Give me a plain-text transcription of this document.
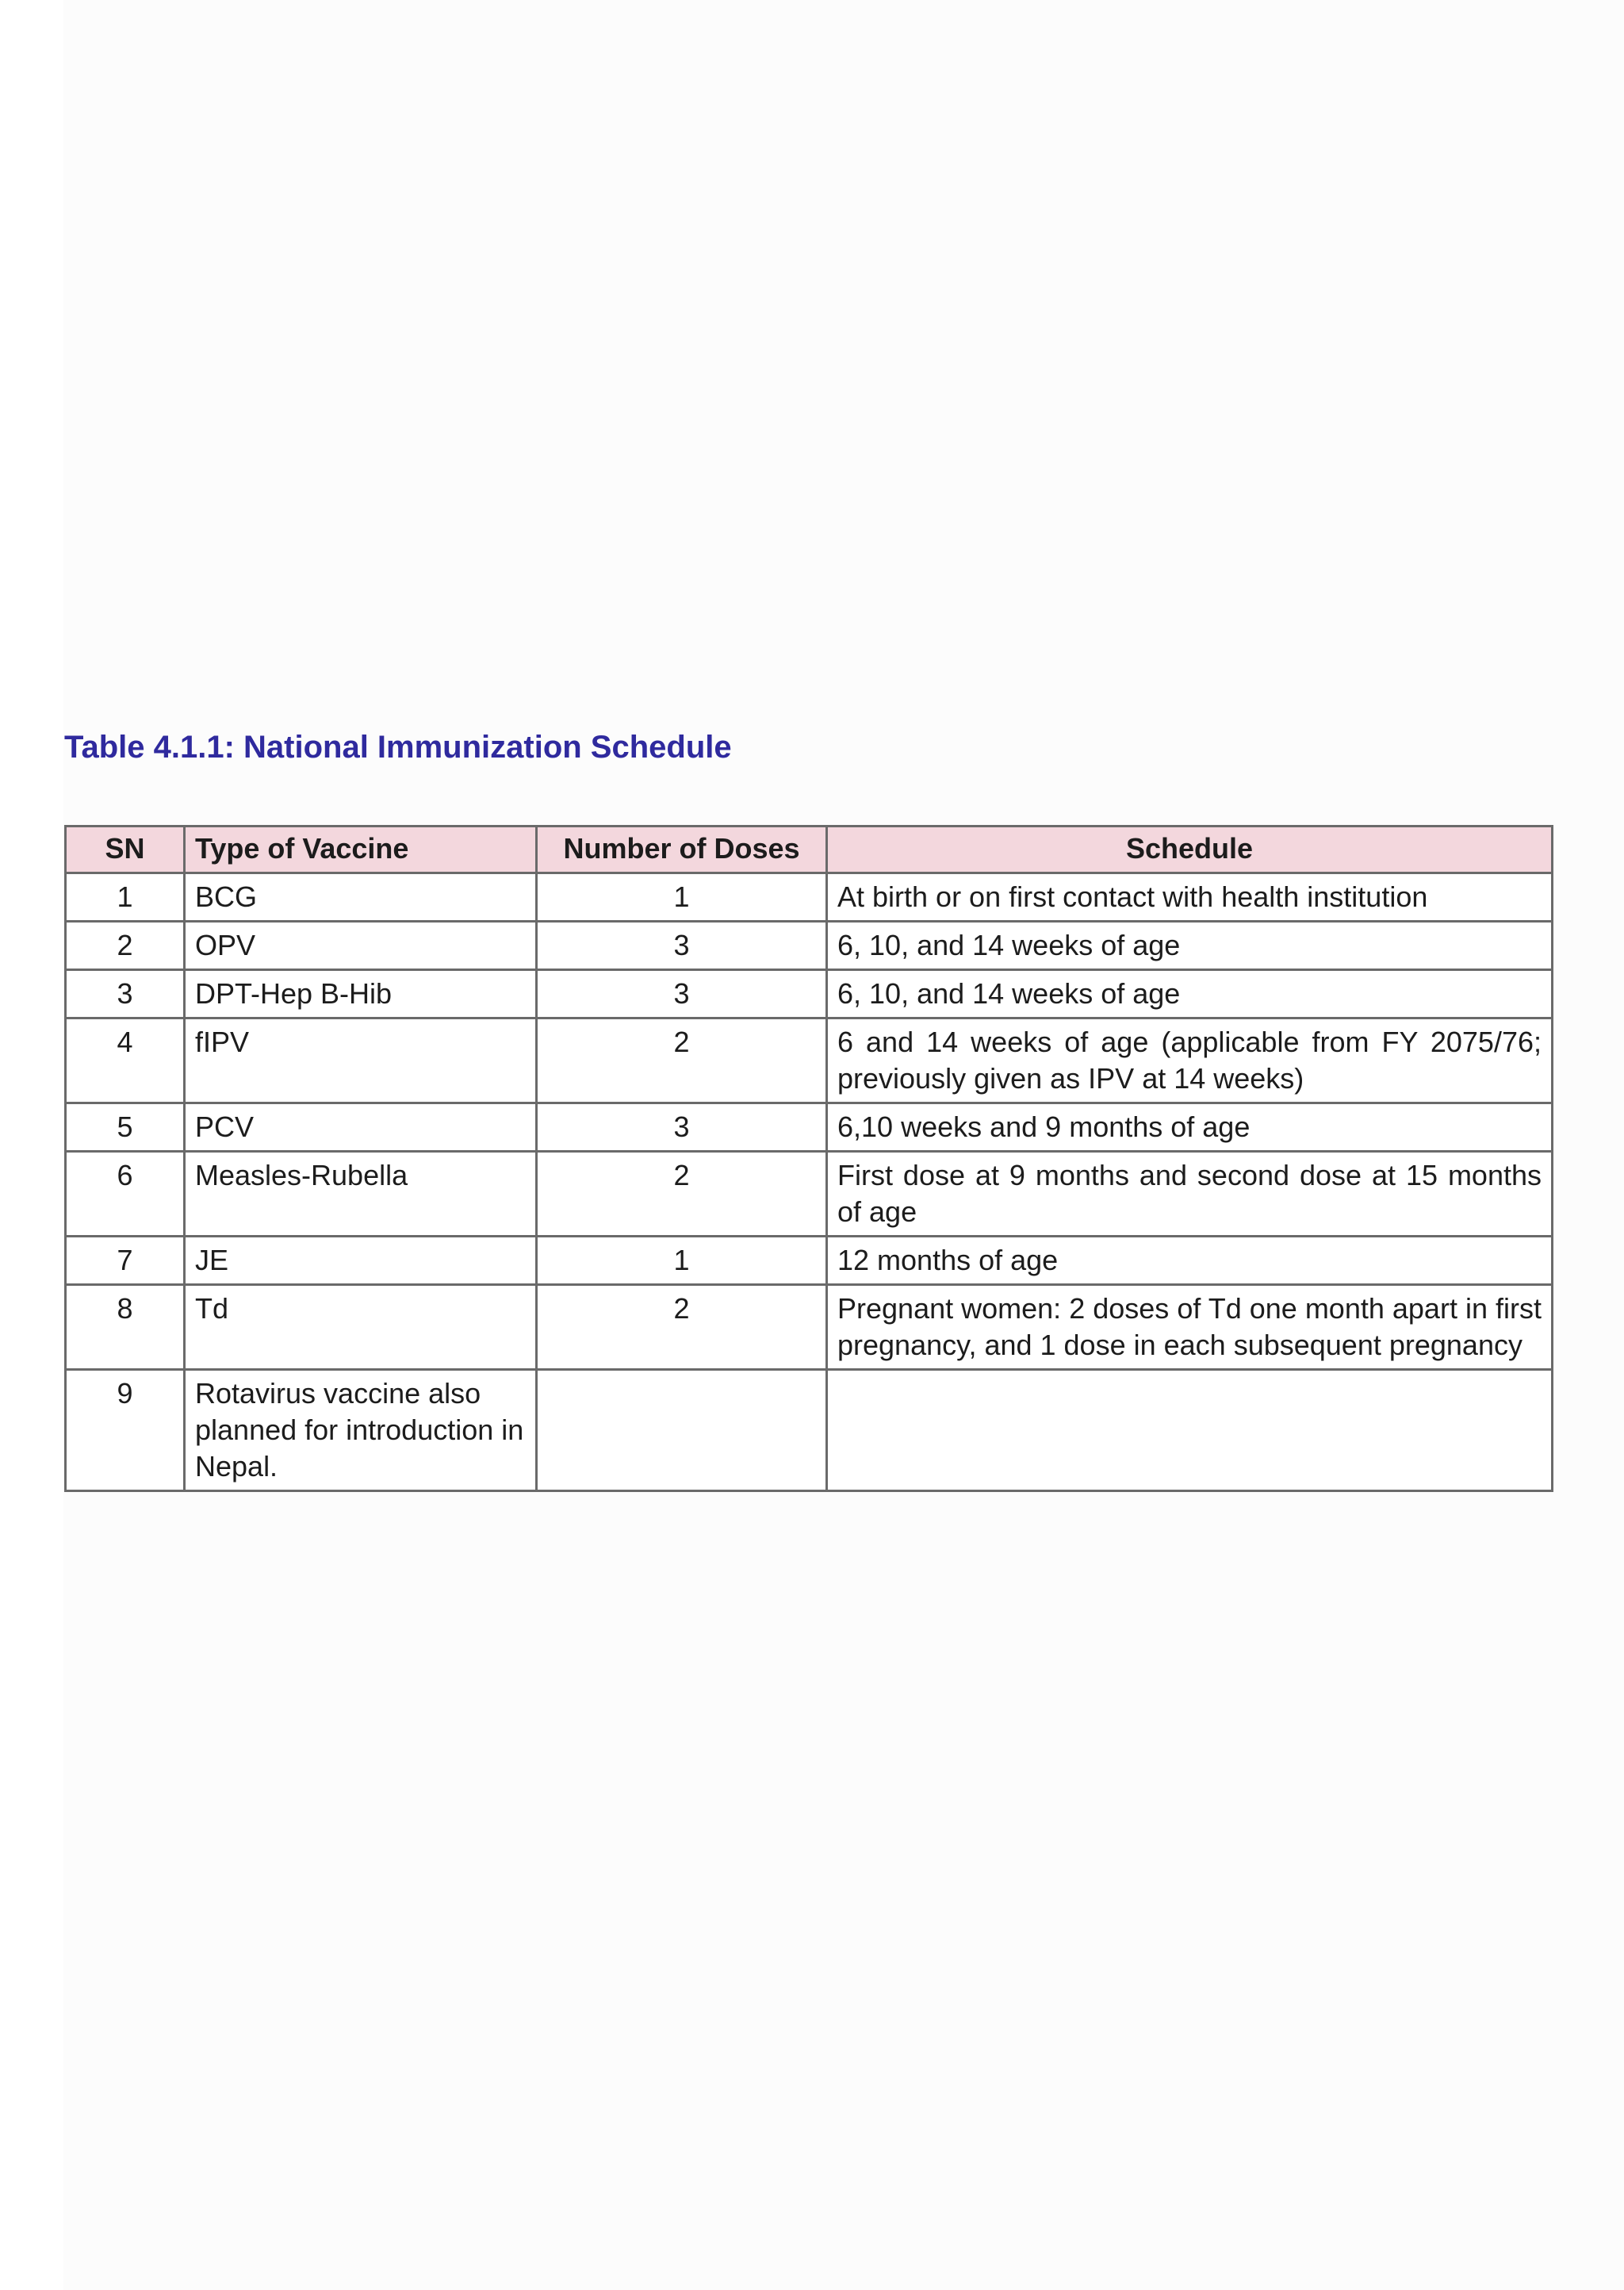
Table 4.1.1: National Immunization Schedule
SN	Type of Vaccine	Number of Doses	Schedule
1	BCG	1	At birth or on first contact with health institution
2	OPV	3	6, 10, and 14 weeks of age
3	DPT-Hep B-Hib	3	6, 10, and 14 weeks of age
4	fIPV	2	6 and 14 weeks of age (applicable from FY 2075/76; previously given as IPV at 14 weeks)
5	PCV	3	6,10 weeks and 9 months of age
6	Measles-Rubella	2	First dose at 9 months and second dose at 15 months of age
7	JE	1	12 months of age
8	Td	2	Pregnant women: 2 doses of Td one month apart in first pregnancy, and 1 dose in each subsequent pregnancy
9	Rotavirus vaccine also planned for introduction in Nepal.		
